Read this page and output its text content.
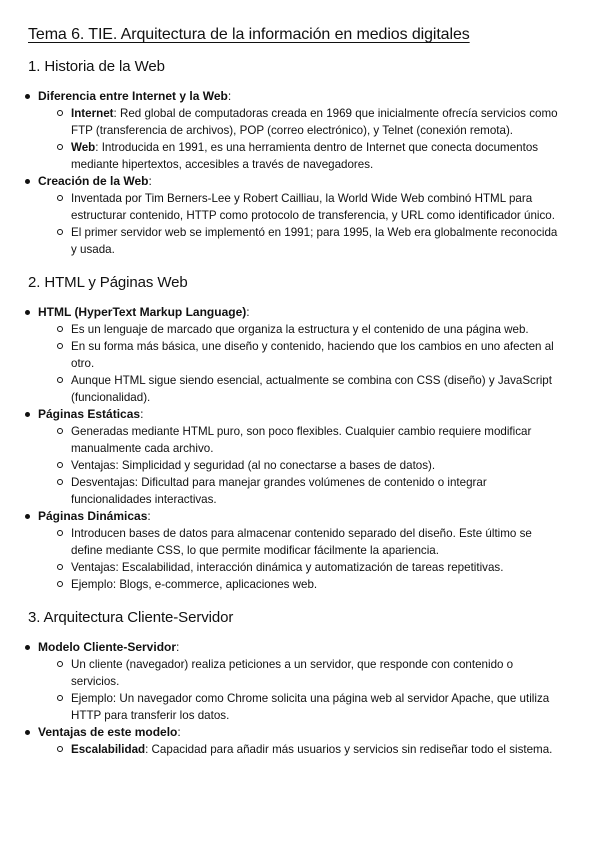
Tema 6. TIE. Arquitectura de la información en medios digitales
1. Historia de la Web
Diferencia entre Internet y la Web:
Internet: Red global de computadoras creada en 1969 que inicialmente ofrecía servicios como FTP (transferencia de archivos), POP (correo electrónico), y Telnet (conexión remota).
Web: Introducida en 1991, es una herramienta dentro de Internet que conecta documentos mediante hipertextos, accesibles a través de navegadores.
Creación de la Web:
Inventada por Tim Berners-Lee y Robert Cailliau, la World Wide Web combinó HTML para estructurar contenido, HTTP como protocolo de transferencia, y URL como identificador único.
El primer servidor web se implementó en 1991; para 1995, la Web era globalmente reconocida y usada.
2. HTML y Páginas Web
HTML (HyperText Markup Language):
Es un lenguaje de marcado que organiza la estructura y el contenido de una página web.
En su forma más básica, une diseño y contenido, haciendo que los cambios en uno afecten al otro.
Aunque HTML sigue siendo esencial, actualmente se combina con CSS (diseño) y JavaScript (funcionalidad).
Páginas Estáticas:
Generadas mediante HTML puro, son poco flexibles. Cualquier cambio requiere modificar manualmente cada archivo.
Ventajas: Simplicidad y seguridad (al no conectarse a bases de datos).
Desventajas: Dificultad para manejar grandes volúmenes de contenido o integrar funcionalidades interactivas.
Páginas Dinámicas:
Introducen bases de datos para almacenar contenido separado del diseño. Este último se define mediante CSS, lo que permite modificar fácilmente la apariencia.
Ventajas: Escalabilidad, interacción dinámica y automatización de tareas repetitivas.
Ejemplo: Blogs, e-commerce, aplicaciones web.
3. Arquitectura Cliente-Servidor
Modelo Cliente-Servidor:
Un cliente (navegador) realiza peticiones a un servidor, que responde con contenido o servicios.
Ejemplo: Un navegador como Chrome solicita una página web al servidor Apache, que utiliza HTTP para transferir los datos.
Ventajas de este modelo:
Escalabilidad: Capacidad para añadir más usuarios y servicios sin rediseñar todo el sistema.
